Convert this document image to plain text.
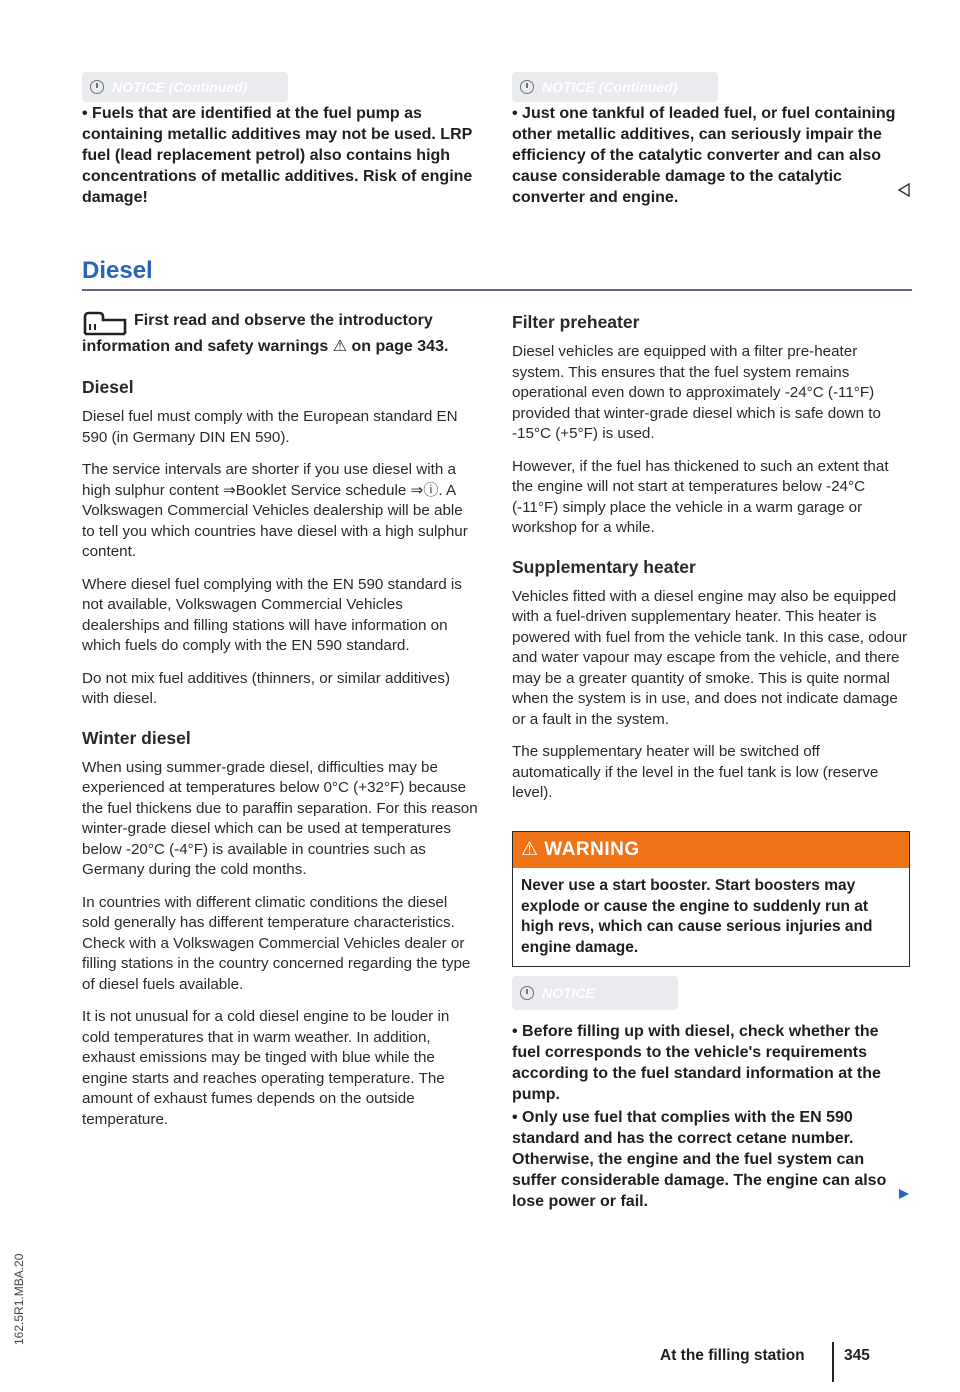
NOTICE (Continued)

• Fuels that are identified at the fuel pump as containing metallic additives may not be used. LRP fuel (lead replacement petrol) also contains high concentrations of metallic additives. Risk of engine damage!

NOTICE (Continued)

• Just one tankful of leaded fuel, or fuel containing other metallic additives, can seriously impair the efficiency of the catalytic converter and can also cause considerable damage to the catalytic converter and engine.

Diesel
First read and observe the introductory information and safety warnings ⚠ on page 343.
Diesel

Diesel fuel must comply with the European standard EN 590 (in Germany DIN EN 590).

The service intervals are shorter if you use diesel with a high sulphur content ⇒Booklet Service schedule ⇒ⓘ. A Volkswagen Commercial Vehicles dealership will be able to tell you which countries have diesel with a high sulphur content.

Where diesel fuel complying with the EN 590 standard is not available, Volkswagen Commercial Vehicles dealerships and filling stations will have information on which fuels do comply with the EN 590 standard.

Do not mix fuel additives (thinners, or similar additives) with diesel.

Winter diesel

When using summer-grade diesel, difficulties may be experienced at temperatures below 0°C (+32°F) because the fuel thickens due to paraffin separation. For this reason winter-grade diesel which can be used at temperatures below -20°C (-4°F) is available in countries such as Germany during the cold months.

In countries with different climatic conditions the diesel sold generally has different temperature characteristics. Check with a Volkswagen Commercial Vehicles dealer or filling stations in the country concerned regarding the type of diesel fuels available.

It is not unusual for a cold diesel engine to be louder in cold temperatures that in warm weather. In addition, exhaust emissions may be tinged with blue while the engine starts and reaches operating temperature. The amount of exhaust fumes depends on the outside temperature.

Filter preheater

Diesel vehicles are equipped with a filter pre-heater system. This ensures that the fuel system remains operational even down to approximately -24°C (-11°F) provided that winter-grade diesel which is safe down to -15°C (+5°F) is used.

However, if the fuel has thickened to such an extent that the engine will not start at temperatures below -24°C (-11°F) simply place the vehicle in a warm garage or workshop for a while.

Supplementary heater

Vehicles fitted with a diesel engine may also be equipped with a fuel-driven supplementary heater. This heater is powered with fuel from the vehicle tank. In this case, odour and water vapour may escape from the vehicle, and there may be a greater quantity of smoke. This is quite normal when the system is in use, and does not indicate damage or a fault in the system.

The supplementary heater will be switched off automatically if the level in the fuel tank is low (reserve level).

⚠ WARNING
Never use a start booster. Start boosters may explode or cause the engine to suddenly run at high revs, which can cause serious injuries and engine damage.
NOTICE

• Before filling up with diesel, check whether the fuel corresponds to the vehicle's requirements according to the fuel standard information at the pump.

• Only use fuel that complies with the EN 590 standard and has the correct cetane number. Otherwise, the engine and the fuel system can suffer considerable damage. The engine can also lose power or fail.

At the filling station	345
162.5R1.MBA.20
